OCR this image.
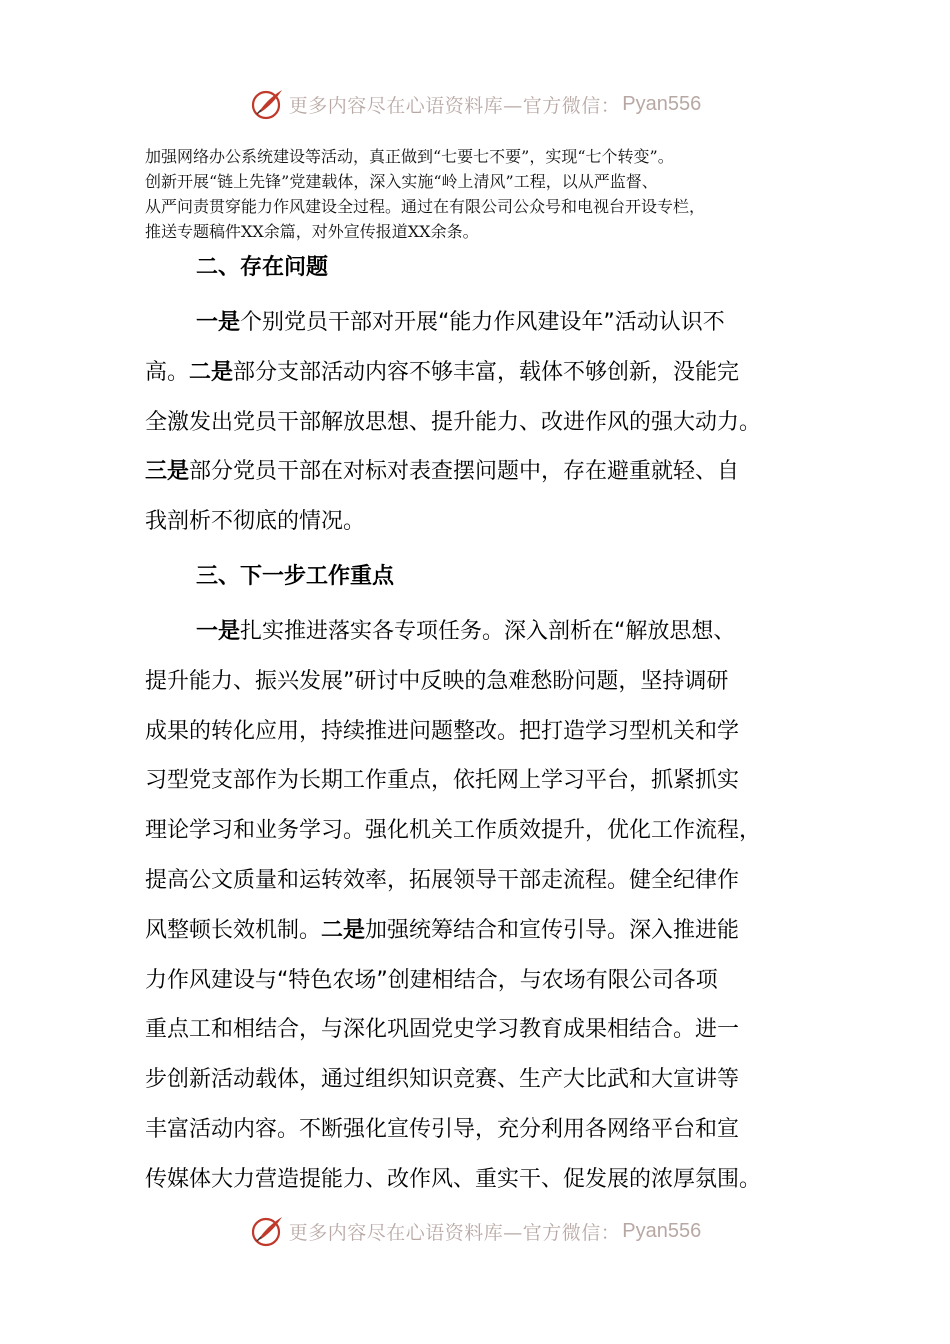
更多内容尽在心语资料库—官方微信： Pyan556

加强网络办公系统建设等活动，真正做到“七要七不要”，实现“七个转变”。
创新开展“链上先锋”党建载体，深入实施“岭上清风”工程，以从严监督、
从严问责贯穿能力作风建设全过程。通过在有限公司公众号和电视台开设专栏，
推送专题稿件XX余篇，对外宣传报道XX余条。

二、存在问题

一是个别党员干部对开展“能力作风建设年”活动认识不
高。二是部分支部活动内容不够丰富，载体不够创新，没能完
全激发出党员干部解放思想、提升能力、改进作风的强大动力。
三是部分党员干部在对标对表查摆问题中，存在避重就轻、自
我剖析不彻底的情况。

三、下一步工作重点

一是扎实推进落实各专项任务。深入剖析在“解放思想、
提升能力、振兴发展”研讨中反映的急难愁盼问题，坚持调研
成果的转化应用，持续推进问题整改。把打造学习型机关和学
习型党支部作为长期工作重点，依托网上学习平台，抓紧抓实
理论学习和业务学习。强化机关工作质效提升，优化工作流程，
提高公文质量和运转效率，拓展领导干部走流程。健全纪律作
风整顿长效机制。二是加强统筹结合和宣传引导。深入推进能
力作风建设与“特色农场”创建相结合，与农场有限公司各项
重点工和相结合，与深化巩固党史学习教育成果相结合。进一
步创新活动载体，通过组织知识竞赛、生产大比武和大宣讲等
丰富活动内容。不断强化宣传引导，充分利用各网络平台和宣
传媒体大力营造提能力、改作风、重实干、促发展的浓厚氛围。

更多内容尽在心语资料库—官方微信： Pyan556
